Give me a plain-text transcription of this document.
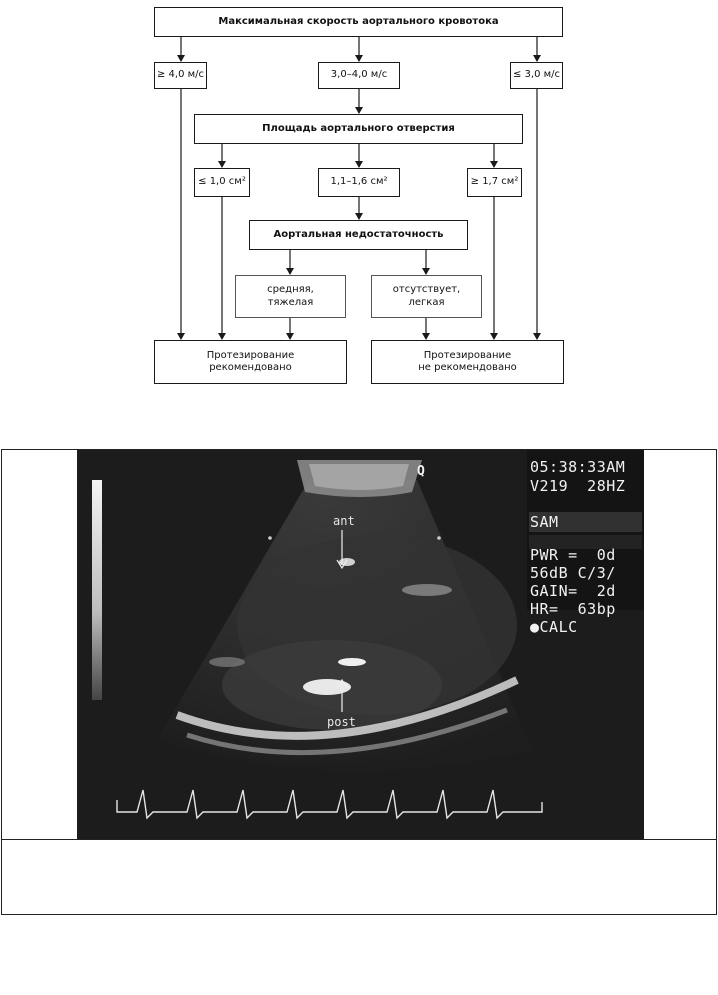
Максимальная скорость аортального кровотока
≥ 4,0 м/с	3,0–4,0 м/с	≤ 3,0 м/с
Площадь аортального отверстия
≤ 1,0 см²	1,1–1,6 см²	≥ 1,7 см²
Аортальная недостаточность
средняя,
тяжелая
отсутствует,
легкая
Протезирование
рекомендовано
Протезирование
не рекомендовано
05:38:33AM
V219  28HZ
SAM
PWR =  0d
56dB C/3/
GAIN=  2d
HR=  63bp
●CALC
Q
ant
post
